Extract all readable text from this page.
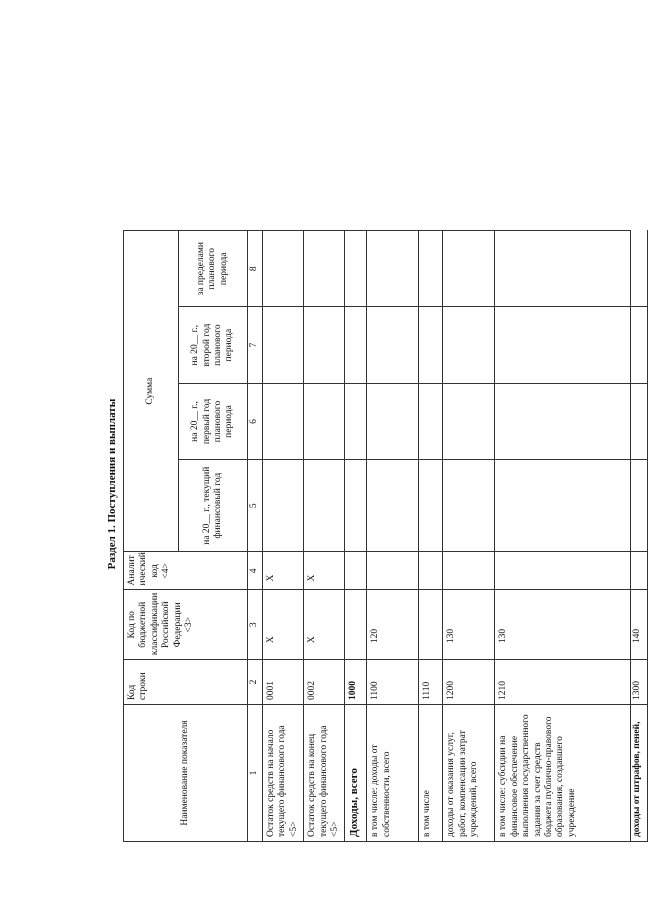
Раздел 1. Поступления и выплаты
Наименование показателя	Код строки	Код по бюджетной классификации Российской Федерации <3>	Аналит ический код <4>	Сумма			
				на 20__ г., текущий финансовый год	на 20__ г., первый год планового периода	на 20__ г., второй год планового периода	за пределами планового периода
1	2	3	4	5	6	7	8
Остаток средств на начало текущего финансового года <5>	0001	X	X				
Остаток средств на конец текущего финансового года <5>	0002	X	X				
Доходы, всего	1000						
в том числе: доходы от собственности, всего	1100	120					
в том числе	1110						
доходы от оказания услуг, работ, компенсации затрат учреждений, всего	1200	130					
в том числе: субсидии на финансовое обеспечение выполнения государственного задания за счет средств бюджета публично-правового образования, создавшего учреждение	1210	130					
доходы от штрафов, пеней,	1300	140					
